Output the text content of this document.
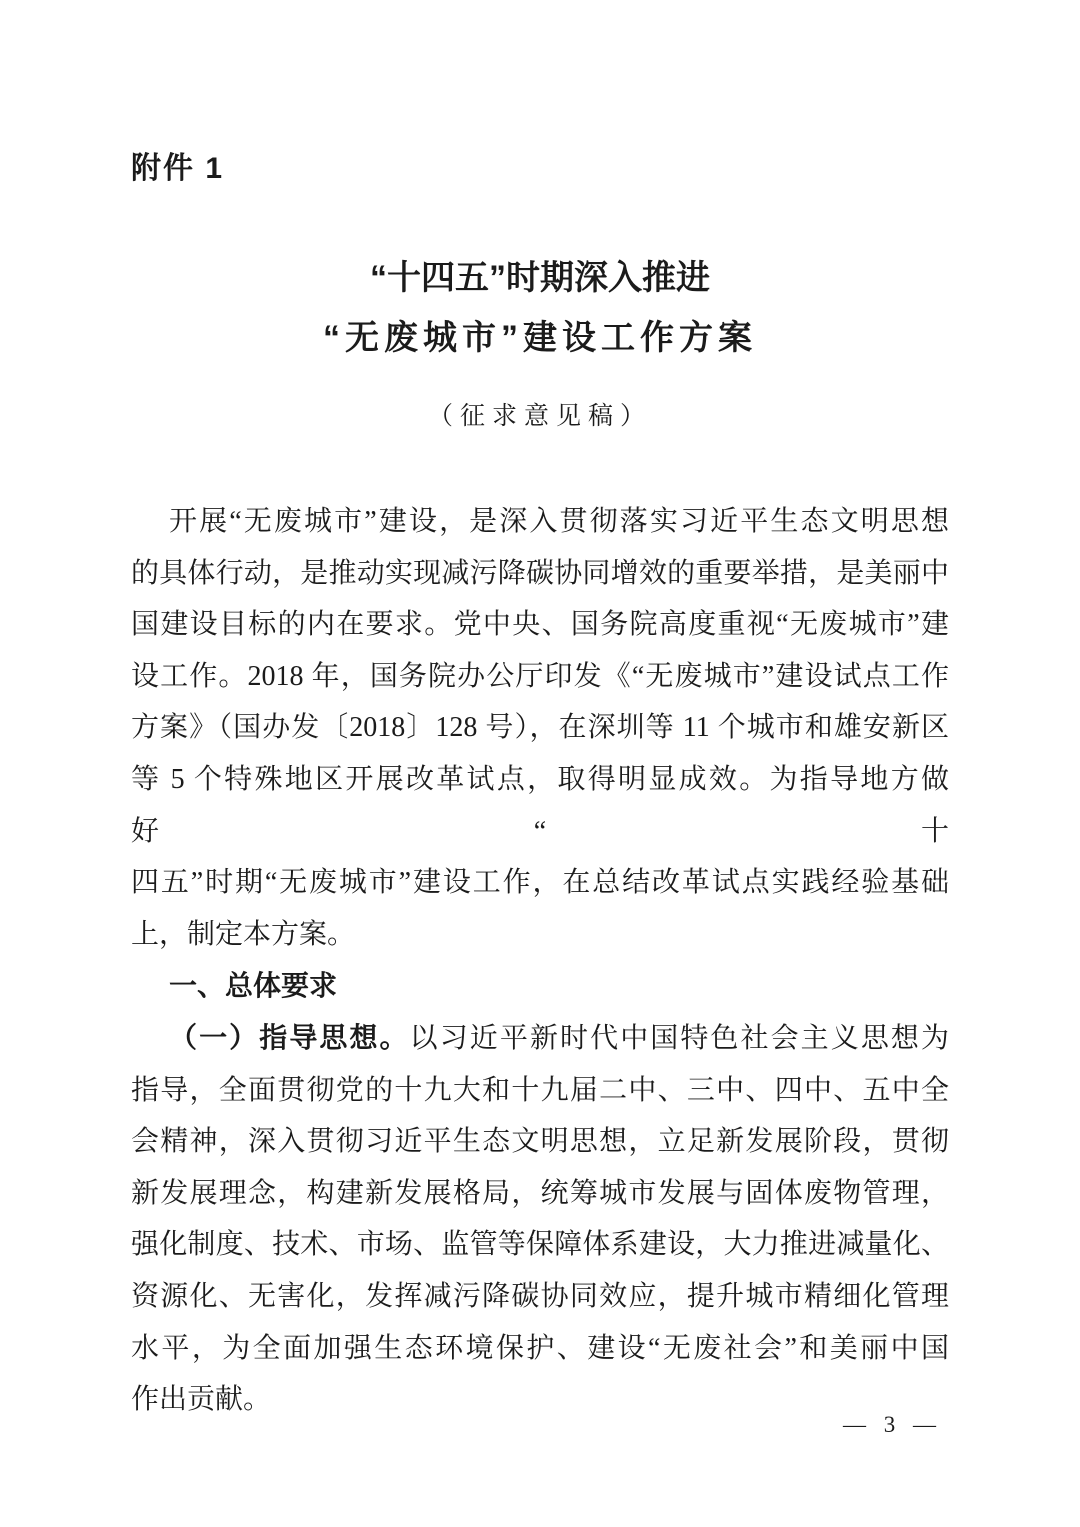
附件 1
“十四五”时期深入推进
“无废城市”建设工作方案
（征求意见稿）
开展“无废城市”建设，是深入贯彻落实习近平生态文明思想
的具体行动，是推动实现减污降碳协同增效的重要举措，是美丽中
国建设目标的内在要求。党中央、国务院高度重视“无废城市”建
设工作。2018 年，国务院办公厅印发《“无废城市”建设试点工作
方案》（国办发〔2018〕128 号），在深圳等 11 个城市和雄安新区
等 5 个特殊地区开展改革试点，取得明显成效。为指导地方做好“十
四五”时期“无废城市”建设工作，在总结改革试点实践经验基础
上，制定本方案。
一、总体要求
（一）指导思想。以习近平新时代中国特色社会主义思想为
指导，全面贯彻党的十九大和十九届二中、三中、四中、五中全
会精神，深入贯彻习近平生态文明思想，立足新发展阶段，贯彻
新发展理念，构建新发展格局，统筹城市发展与固体废物管理，
强化制度、技术、市场、监管等保障体系建设，大力推进减量化、
资源化、无害化，发挥减污降碳协同效应，提升城市精细化管理
水平，为全面加强生态环境保护、建设“无废社会”和美丽中国
作出贡献。
— 3 —
